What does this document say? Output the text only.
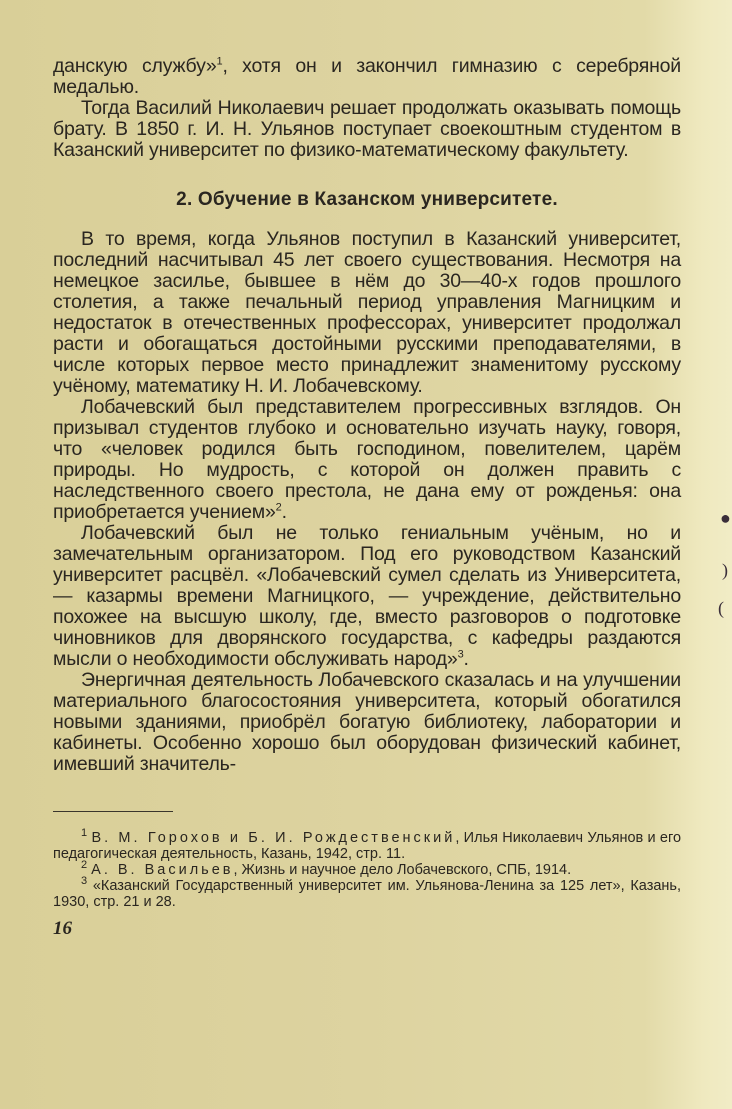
данскую службу»$^1$, хотя он и закончил гимназию с серебряной медалью.

Тогда Василий Николаевич решает продолжать оказывать помощь брату. В 1850 г. И. Н. Ульянов поступает своекоштным студентом в Казанский университет по физико-математическому факультету.

2. Обучение в Казанском университете.

В то время, когда Ульянов поступил в Казанский университет, последний насчитывал 45 лет своего существования. Несмотря на немецкое засилье, бывшее в нём до 30—40-х годов прошлого столетия, а также печальный период управления Магницким и недостаток в отечественных профессорах, университет продолжал расти и обогащаться достойными русскими преподавателями, в числе которых первое место принадлежит знаменитому русскому учёному, математику Н. И. Лобачевскому.

Лобачевский был представителем прогрессивных взглядов. Он призывал студентов глубоко и основательно изучать науку, говоря, что «человек родился быть господином, повелителем, царём природы. Но мудрость, с которой он должен править с наследственного своего престола, не дана ему от рожденья: она приобретается учением»$^2$.

Лобачевский был не только гениальным учёным, но и замечательным организатором. Под его руководством Казанский университет расцвёл. «Лобачевский сумел сделать из Университета, — казармы времени Магницкого, — учреждение, действительно похожее на высшую школу, где, вместо разговоров о подготовке чиновников для дворянского государства, с кафедры раздаются мысли о необходимости обслуживать народ»$^3$.

Энергичная деятельность Лобачевского сказалась и на улучшении материального благосостояния университета, который обогатился новыми зданиями, приобрёл богатую библиотеку, лаборатории и кабинеты. Особенно хорошо был оборудован физический кабинет, имевший значитель-

$^1$ В. М. Горохов и Б. И. Рождественский, Илья Николаевич Ульянов и его педагогическая деятельность, Казань, 1942, стр. 11.

$^2$ А. В. Васильев, Жизнь и научное дело Лобачевского, СПБ, 1914.

$^3$ «Казанский Государственный университет им. Ульянова-Ленина за 125 лет», Казань, 1930, стр. 21 и 28.

16
●
)
(
